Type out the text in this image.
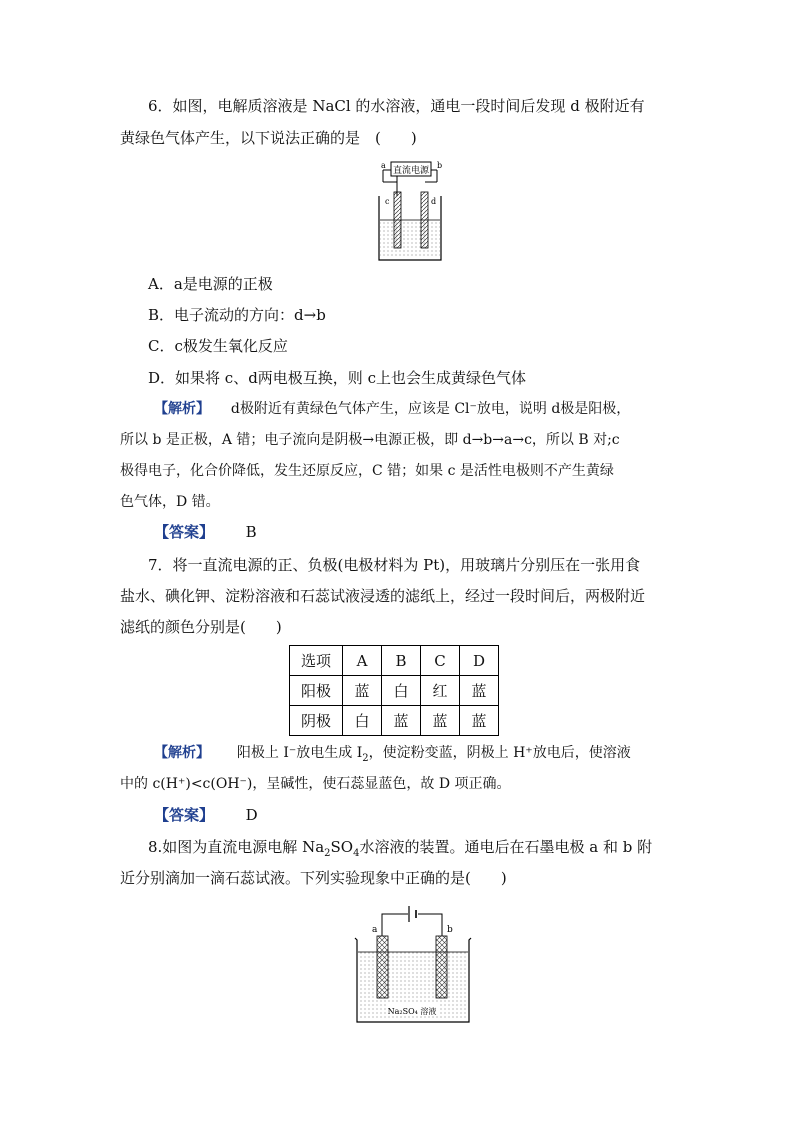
6．如图，电解质溶液是 NaCl 的水溶液，通电一段时间后发现 d 极附近有
黄绿色气体产生，以下说法正确的是　(　　)
直流电源
a	b
c	d
A．a是电源的正极
B．电子流动的方向：d→b
C．c极发生氧化反应
D．如果将 c、d两电极互换，则 c上也会生成黄绿色气体
【解析】 d极附近有黄绿色气体产生，应该是 Cl⁻放电，说明 d极是阳极，
所以 b 是正极，A 错；电子流向是阴极→电源正极，即 d→b→a→c，所以 B 对;c
极得电子，化合价降低，发生还原反应，C 错；如果 c 是活性电极则不产生黄绿
色气体，D 错。
【答案】 B
7．将一直流电源的正、负极(电极材料为 Pt)，用玻璃片分别压在一张用食
盐水、碘化钾、淀粉溶液和石蕊试液浸透的滤纸上，经过一段时间后，两极附近
滤纸的颜色分别是(　　)
选项	A	B	C	D
阳极	蓝	白	红	蓝
阴极	白	蓝	蓝	蓝
【解析】 阳极上 I⁻放电生成 $I_2$，使淀粉变蓝，阴极上 H⁺放电后，使溶液
中的 c(H⁺)<c(OH⁻)，呈碱性，使石蕊显蓝色，故 D 项正确。
【答案】 D
8.如图为直流电源电解 $Na_2SO_4$水溶液的装置。通电后在石墨电极 a 和 b 附
近分别滴加一滴石蕊试液。下列实验现象中正确的是(　　)
a	b
Na₂SO₄ 溶液
